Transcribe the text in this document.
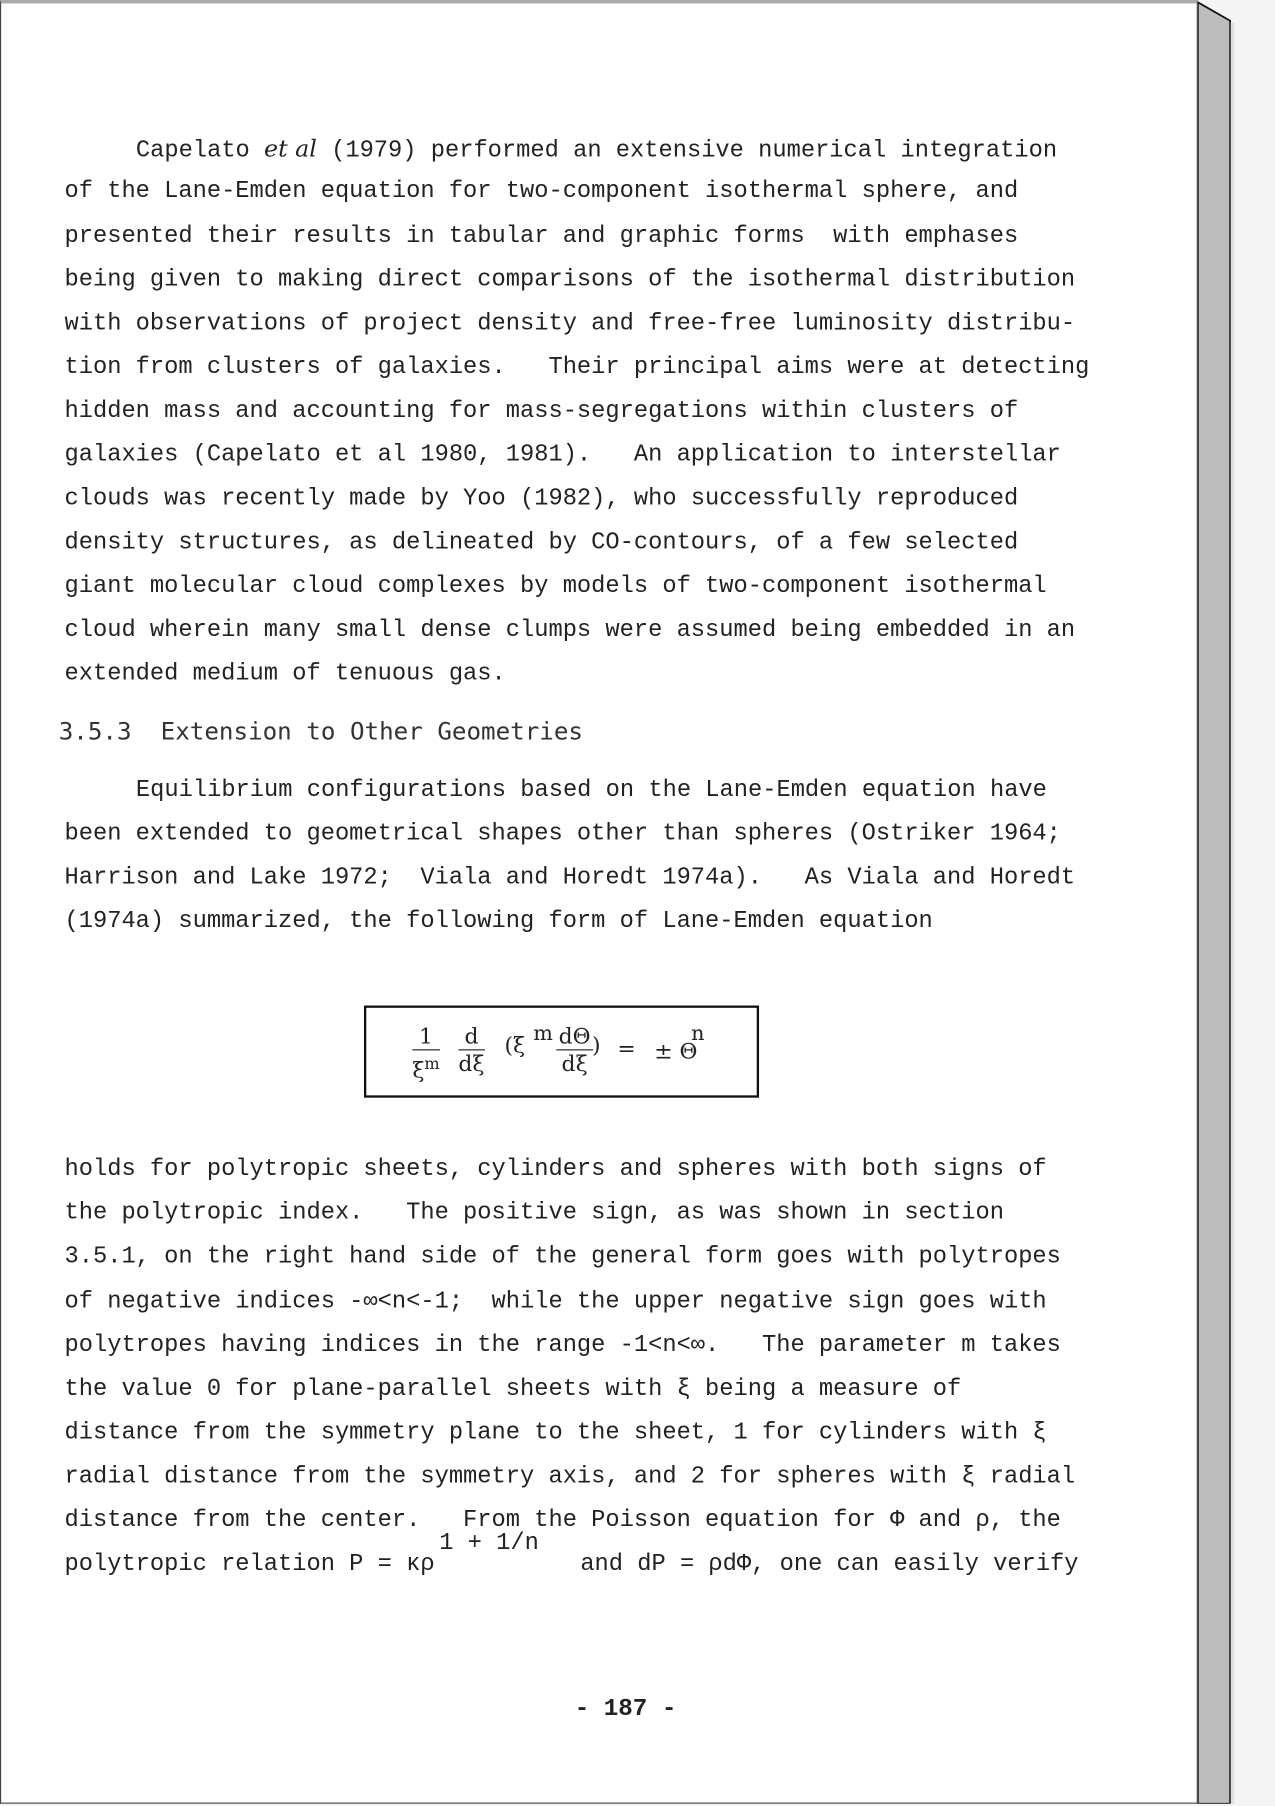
Capelato et al (1979) performed an extensive numerical integration
of the Lane-Emden equation for two-component isothermal sphere, and
presented their results in tabular and graphic forms  with emphases
being given to making direct comparisons of the isothermal distribution
with observations of project density and free-free luminosity distribu-
tion from clusters of galaxies.   Their principal aims were at detecting
hidden mass and accounting for mass-segregations within clusters of
galaxies (Capelato et al 1980, 1981).   An application to interstellar
clouds was recently made by Yoo (1982), who successfully reproduced
density structures, as delineated by CO-contours, of a few selected
giant molecular cloud complexes by models of two-component isothermal
cloud wherein many small dense clumps were assumed being embedded in an
extended medium of tenuous gas.
3.5.3  Extension to Other Geometries
Equilibrium configurations based on the Lane-Emden equation have
been extended to geometrical shapes other than spheres (Ostriker 1964;
Harrison and Lake 1972;  Viala and Horedt 1974a).   As Viala and Horedt
(1974a) summarized, the following form of Lane-Emden equation
$\frac{1}{\xi^m} \frac{d}{d\xi} (\xi$ m $\frac{d\Theta}{d\xi}$ ) = ± Θ
n
holds for polytropic sheets, cylinders and spheres with both signs of
the polytropic index.   The positive sign, as was shown in section
3.5.1, on the right hand side of the general form goes with polytropes
of negative indices -∞<n<-1;  while the upper negative sign goes with
polytropes having indices in the range -1<n<∞.   The parameter m takes
the value 0 for plane-parallel sheets with ξ being a measure of
distance from the symmetry plane to the sheet, 1 for cylinders with ξ
radial distance from the symmetry axis, and 2 for spheres with ξ radial
distance from the center.   From the Poisson equation for Φ and ρ, the
polytropic relation P = κρ1 + 1/nand dP = ρdΦ, one can easily verify
- 187 -
